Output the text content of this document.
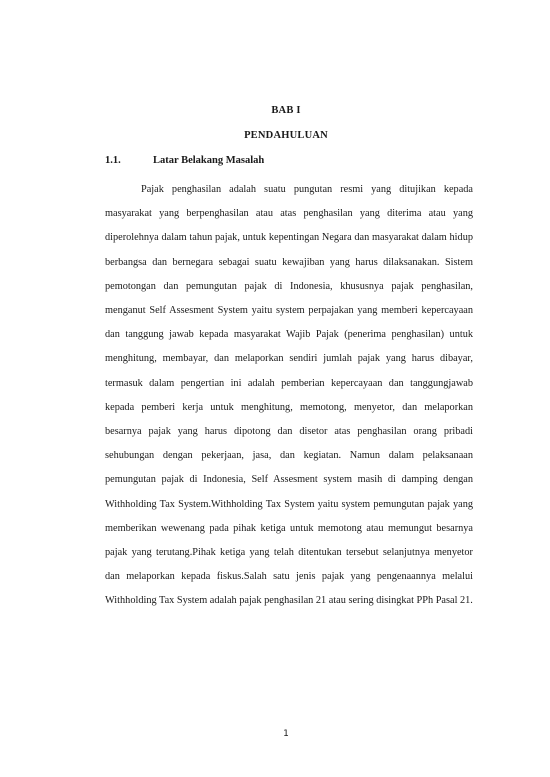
BAB I
PENDAHULUAN
1.1.	Latar Belakang Masalah

Pajak penghasilan adalah suatu pungutan resmi yang ditujikan kepada masyarakat yang berpenghasilan atau atas penghasilan yang diterima atau yang diperolehnya dalam tahun pajak, untuk kepentingan Negara dan masyarakat dalam hidup berbangsa dan bernegara sebagai suatu kewajiban yang harus dilaksanakan. Sistem pemotongan dan pemungutan pajak di Indonesia, khususnya pajak penghasilan, menganut Self Assesment System yaitu system perpajakan yang memberi kepercayaan dan tanggung jawab kepada masyarakat Wajib Pajak (penerima penghasilan) untuk menghitung, membayar, dan melaporkan sendiri jumlah pajak yang harus dibayar, termasuk dalam pengertian ini adalah pemberian kepercayaan dan tanggungjawab kepada pemberi kerja untuk menghitung, memotong, menyetor, dan melaporkan besarnya pajak yang harus dipotong dan disetor atas penghasilan orang pribadi sehubungan dengan pekerjaan, jasa, dan kegiatan. Namun dalam pelaksanaan pemungutan pajak di Indonesia, Self Assesment system masih di damping dengan Withholding Tax System.Withholding Tax System yaitu system pemungutan pajak yang memberikan wewenang pada pihak ketiga untuk memotong atau memungut besarnya pajak yang terutang.Pihak ketiga yang telah ditentukan tersebut selanjutnya menyetor dan melaporkan kepada fiskus.Salah satu jenis pajak yang pengenaannya melalui Withholding Tax System adalah pajak penghasilan 21 atau sering disingkat PPh Pasal 21.

1
